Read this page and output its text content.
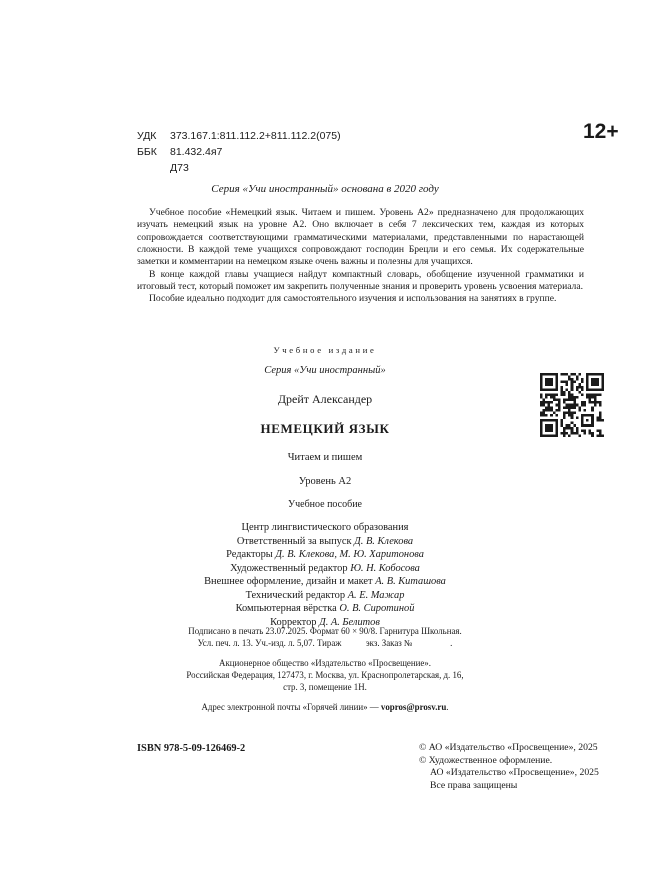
УДК 373.167.1:811.112.2+811.112.2(075)
ББК 81.432.4я7
Д73
12+
Серия «Учи иностранный» основана в 2020 году

Учебное пособие «Немецкий язык. Читаем и пишем. Уровень А2» предназначено для продолжающих изучать немецкий язык на уровне А2. Оно включает в себя 7 лексических тем, каждая из которых сопровождается соответствующими грамматическими материалами, представленными по нарастающей сложности. В каждой теме учащихся сопровождают господин Брецли и его семья. Их содержательные заметки и комментарии на немецком языке очень важны и полезны для учащихся.

В конце каждой главы учащиеся найдут компактный словарь, обобщение изученной грамматики и итоговый тест, который поможет им закрепить полученные знания и проверить уровень усвоения материала.

Пособие идеально подходит для самостоятельного изучения и использования на занятиях в группе.

Учебное издание
Серия «Учи иностранный»
Дрейт Александер
НЕМЕЦКИЙ ЯЗЫК
Читаем и пишем
Уровень А2
Учебное пособие
Центр лингвистического образования
Ответственный за выпуск Д. В. Клекова
Редакторы Д. В. Клекова, М. Ю. Харитонова
Художественный редактор Ю. Н. Кобосова
Внешнее оформление, дизайн и макет А. В. Киташова
Технический редактор А. Е. Мажар
Компьютерная вёрстка О. В. Сиротиной
Корректор Д. А. Белитов
Подписано в печать 23.07.2025. Формат 60 × 90/8. Гарнитура Школьная.
Усл. печ. л. 13. Уч.-изд. л. 5,07. Тираж           экз. Заказ №                 .
Акционерное общество «Издательство «Просвещение».
Российская Федерация, 127473, г. Москва, ул. Краснопролетарская, д. 16,
стр. 3, помещение 1Н.
Адрес электронной почты «Горячей линии» — vopros@prosv.ru.
ISBN 978-5-09-126469-2	© АО «Издательство «Просвещение», 2025
© Художественное оформление.
АО «Издательство «Просвещение», 2025
Все права защищены
